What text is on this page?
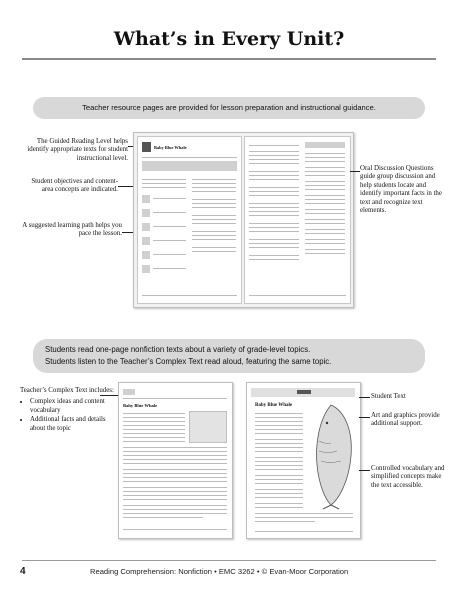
What’s in Every Unit?
Teacher resource pages are provided for lesson preparation and instructional guidance.
The Guided Reading Level helps identify appropriate texts for student instructional level.
Student objectives and content-area concepts are indicated.
A suggested learning path helps you pace the lesson.
Baby Blue Whale
Oral Discussion Questions guide group discussion and help students locate and identify important facts in the text and recognize text elements.
Students read one-page nonfiction texts about a variety of grade-level topics.
Students listen to the Teacher’s Complex Text read aloud, featuring the same topic.
Teacher’s Complex Text includes:
• Complex ideas and content vocabulary
• Additional facts and details about the topic
Baby Blue Whale	Baby Blue Whale
Student Text
Art and graphics provide additional support.
Controlled vocabulary and simplified concepts make the text accessible.
4	Reading Comprehension: Nonfiction • EMC 3262 • © Evan-Moor Corporation
